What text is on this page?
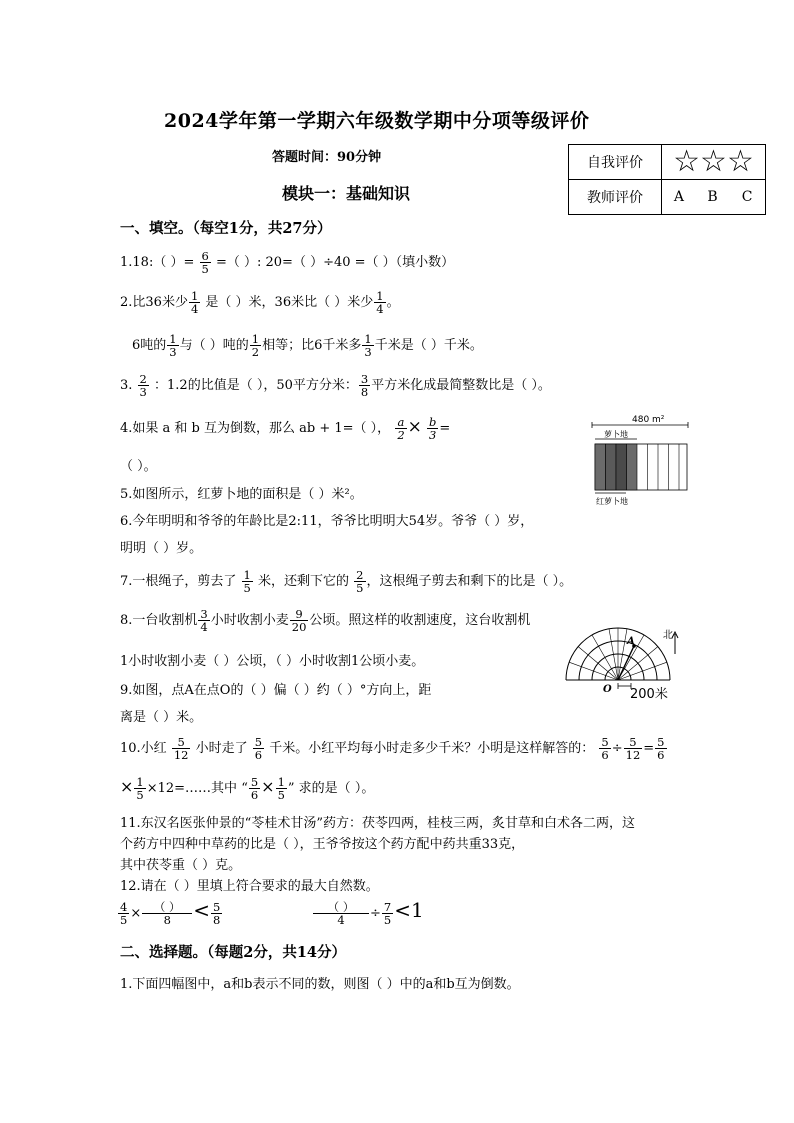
2024学年第一学期六年级数学期中分项等级评价
答题时间：90分钟
模块一：基础知识
自我评价	☆☆☆		
教师评价	A	B	C
一、填空。（每空1分，共27分）
1.18:（ ）= $\frac{6}{5}$ =（ ）: 20=（ ）÷40 =（ ）（填小数）
2.比36米少 $\frac{1}{4}$ 是（ ）米，36米比（ ）米少 $\frac{1}{4}$ 。
6吨的 $\frac{1}{3}$ 与（ ）吨的 $\frac{1}{2}$ 相等；比6千米多 $\frac{1}{3}$ 千米是（ ）千米。
3. $\frac{2}{3}$ ：1.2的比值是（ ），50平方分米： $\frac{3}{8}$ 平方米化成最简整数比是（ ）。
4.如果 a 和 b 互为倒数，那么 ab + 1=（ ）， $\frac{a}{2} \times \frac{b}{3}$ =
（ ）。
480 m²
萝卜地
红萝卜地
5.如图所示，红萝卜地的面积是（ ）米²。
6.今年明明和爷爷的年龄比是2:11，爷爷比明明大54岁。爷爷（ ）岁，
明明（ ）岁。
7.一根绳子，剪去了 $\frac{1}{5}$ 米，还剩下它的 $\frac{2}{5}$ ，这根绳子剪去和剩下的比是（ ）。
8.一台收割机 $\frac{3}{4}$ 小时收割小麦 $\frac{9}{20}$ 公顷。照这样的收割速度，这台收割机
1小时收割小麦（ ）公顷，（ ）小时收割1公顷小麦。
A
O 200米
北
9.如图，点A在点O的（ ）偏（ ）约（ ）°方向上，距
离是（ ）米。
10.小红 $\frac{5}{12}$ 小时走了 $\frac{5}{6}$ 千米。小红平均每小时走多少千米？小明是这样解答的： $\frac{5}{6} \div \frac{5}{12} = \frac{5}{6}$
× $\frac{1}{5}$ ×12=……其中 “ $\frac{5}{6} \times \frac{1}{5}$ ” 求的是（ ）。
11.东汉名医张仲景的“苓桂术甘汤”药方：茯苓四两，桂枝三两，炙甘草和白术各二两，这
个药方中四种中草药的比是（ ），王爷爷按这个药方配中药共重33克，
其中茯苓重（ ）克。
12.请在（ ）里填上符合要求的最大自然数。
$\frac{4}{5} \times \frac{( )}{8} < \frac{5}{8}$	$\frac{( )}{4} \div \frac{7}{5} <1$
二、选择题。（每题2分，共14分）
1.下面四幅图中，a和b表示不同的数，则图（ ）中的a和b互为倒数。
